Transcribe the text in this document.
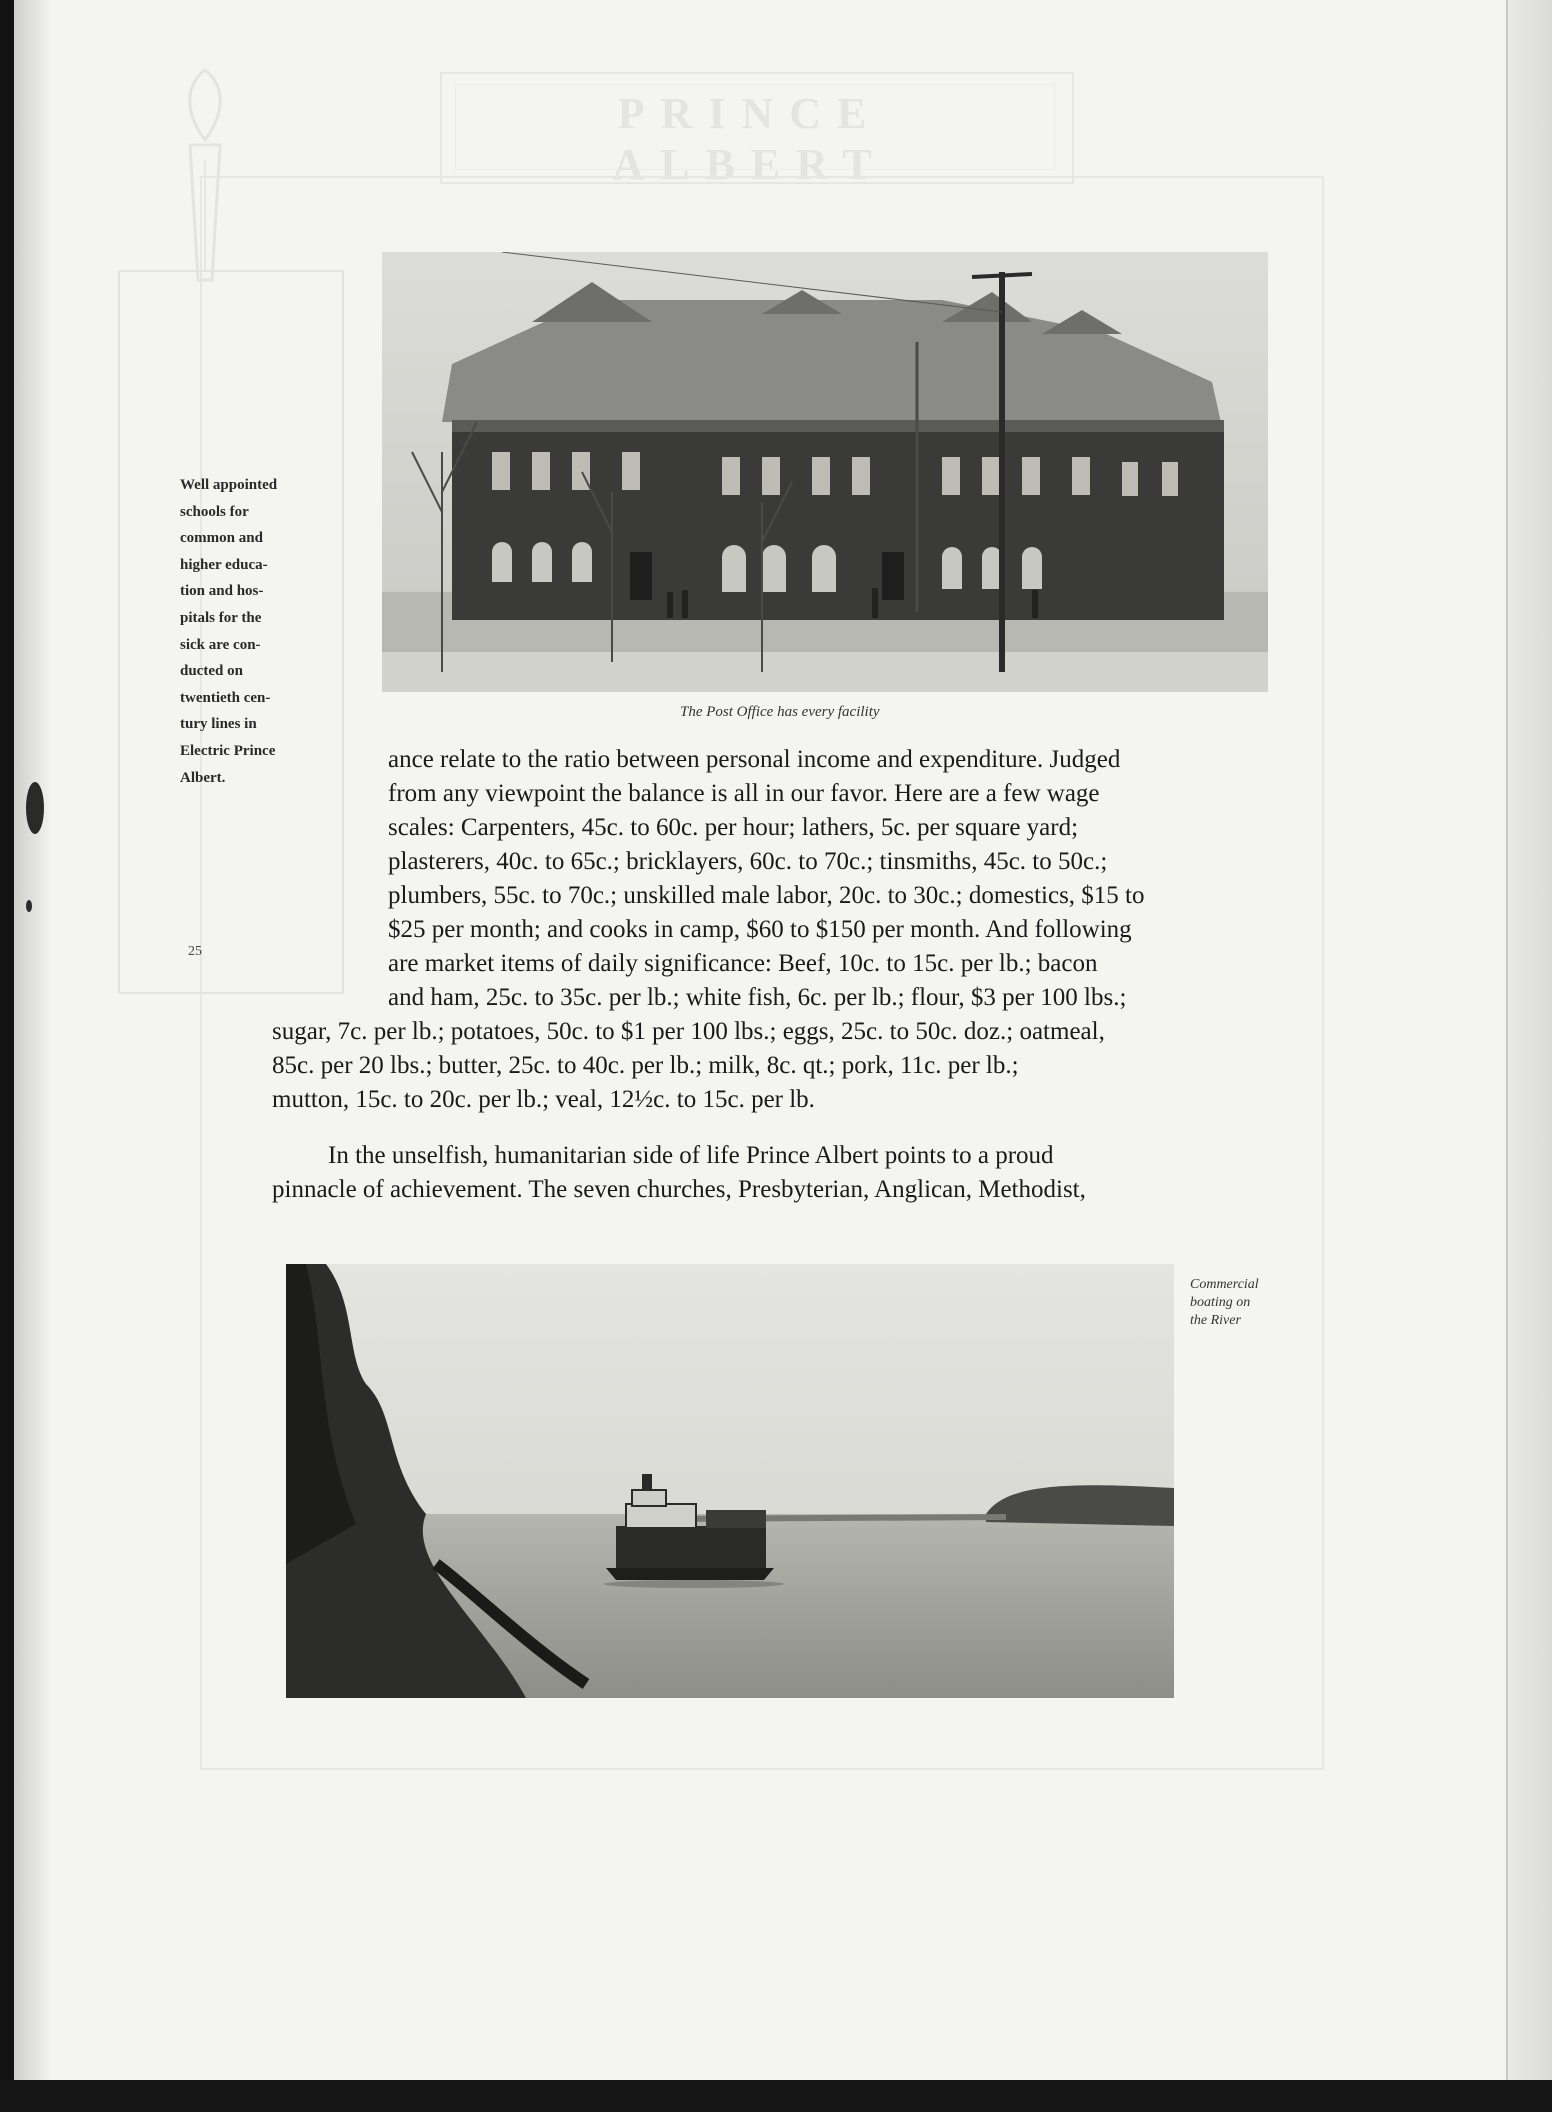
PRINCE ALBERT
Well appointed
schools for
common and
higher educa-
tion and hos-
pitals for the
sick are con-
ducted on
twentieth cen-
tury lines in
Electric Prince
Albert.
25
The Post Office has every facility
ance relate to the ratio between personal income and expenditure. Judged
from any viewpoint the balance is all in our favor. Here are a few wage
scales: Carpenters, 45c. to 60c. per hour; lathers, 5c. per square yard;
plasterers, 40c. to 65c.; bricklayers, 60c. to 70c.; tinsmiths, 45c. to 50c.;
plumbers, 55c. to 70c.; unskilled male labor, 20c. to 30c.; domestics, $15 to
$25 per month; and cooks in camp, $60 to $150 per month. And following
are market items of daily significance: Beef, 10c. to 15c. per lb.; bacon
and ham, 25c. to 35c. per lb.; white fish, 6c. per lb.; flour, $3 per 100 lbs.;
sugar, 7c. per lb.; potatoes, 50c. to $1 per 100 lbs.; eggs, 25c. to 50c. doz.; oatmeal,
85c. per 20 lbs.; butter, 25c. to 40c. per lb.; milk, 8c. qt.; pork, 11c. per lb.;
mutton, 15c. to 20c. per lb.; veal, 12½c. to 15c. per lb.
In the unselfish, humanitarian side of life Prince Albert points to a proud
pinnacle of achievement. The seven churches, Presbyterian, Anglican, Methodist,
Commercial
boating on
the River
